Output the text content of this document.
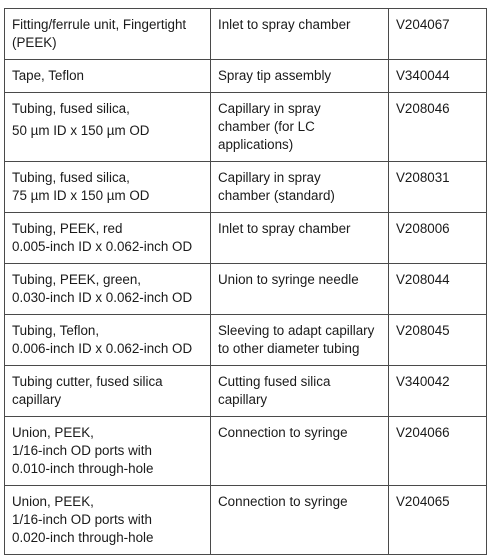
Fitting/ferrule unit, Fingertight
(PEEK)	Inlet to spray chamber	V204067

Tape, Teflon	Spray tip assembly	V340044

Tubing, fused silica,
50 µm ID x 150 µm OD	Capillary in spray
chamber (for LC
applications)	V208046

Tubing, fused silica,
75 µm ID x 150 µm OD	Capillary in spray
chamber (standard)	V208031

Tubing, PEEK, red
0.005-inch ID x 0.062-inch OD	Inlet to spray chamber	V208006

Tubing, PEEK, green,
0.030-inch ID x 0.062-inch OD	Union to syringe needle	V208044

Tubing, Teflon,
0.006-inch ID x 0.062-inch OD	Sleeving to adapt capillary
to other diameter tubing	V208045

Tubing cutter, fused silica
capillary	Cutting fused silica
capillary	V340042

Union, PEEK,
1/16-inch OD ports with
0.010-inch through-hole	Connection to syringe	V204066

Union, PEEK,
1/16-inch OD ports with
0.020-inch through-hole	Connection to syringe	V204065
